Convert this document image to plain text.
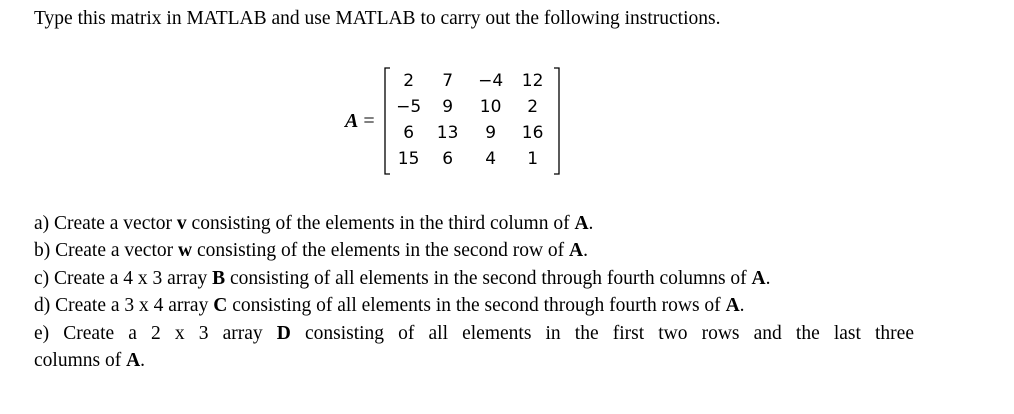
Type this matrix in MATLAB and use MATLAB to carry out the following instructions.
A =
2	7	−4	12
−5	9	10	2
6	13	9	16
15	6	4	1
a) Create a vector v consisting of the elements in the third column of A.
b) Create a vector w consisting of the elements in the second row of A.
c) Create a 4 x 3 array B consisting of all elements in the second through fourth columns of A.
d) Create a 3 x 4 array C consisting of all elements in the second through fourth rows of A.
e) Create a 2 x 3 array D consisting of all elements in the first two rows and the last three
columns of A.
